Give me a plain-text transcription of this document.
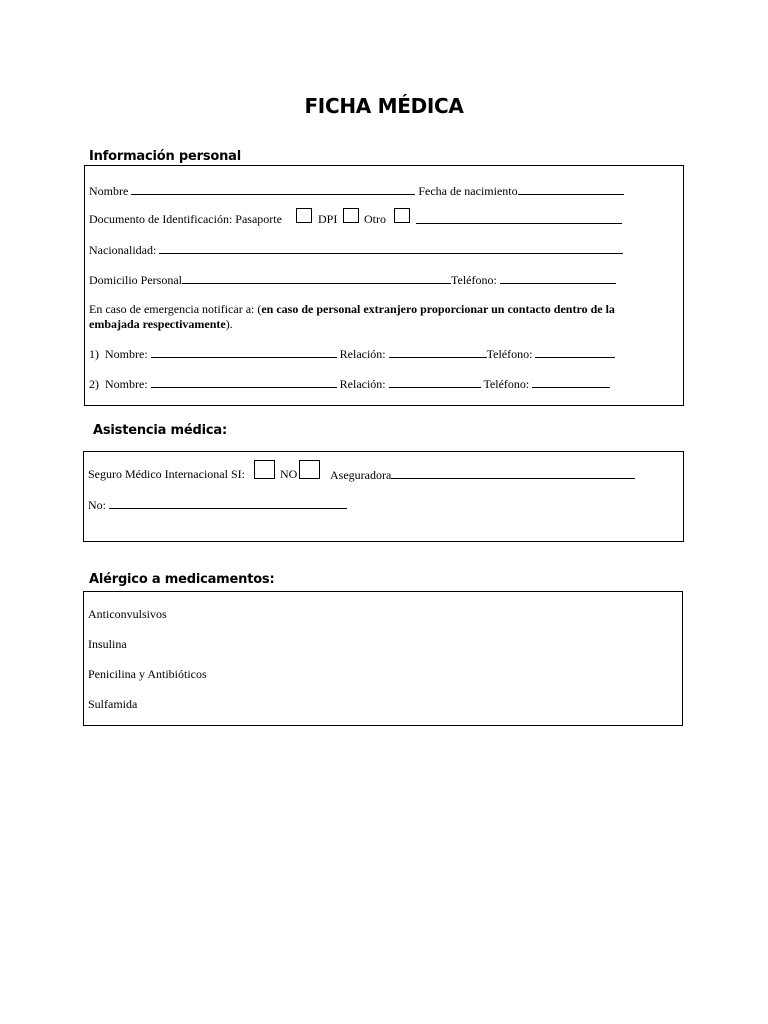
FICHA MÉDICA
Información personal
Nombre	Fecha de nacimiento
Documento de Identificación: Pasaporte	DPI Otro
Nacionalidad:
Domicilio Personal	Teléfono:
En caso de emergencia notificar a: (en caso de personal extranjero proporcionar un contacto dentro de la embajada respectivamente).
1) Nombre:	Relación:	Teléfono:
2) Nombre:	Relación:	Teléfono:
Asistencia médica:
Seguro Médico Internacional SI:	NO	Aseguradora
No:
Alérgico a medicamentos:
Anticonvulsivos
Insulina
Penicilina y Antibióticos
Sulfamida
